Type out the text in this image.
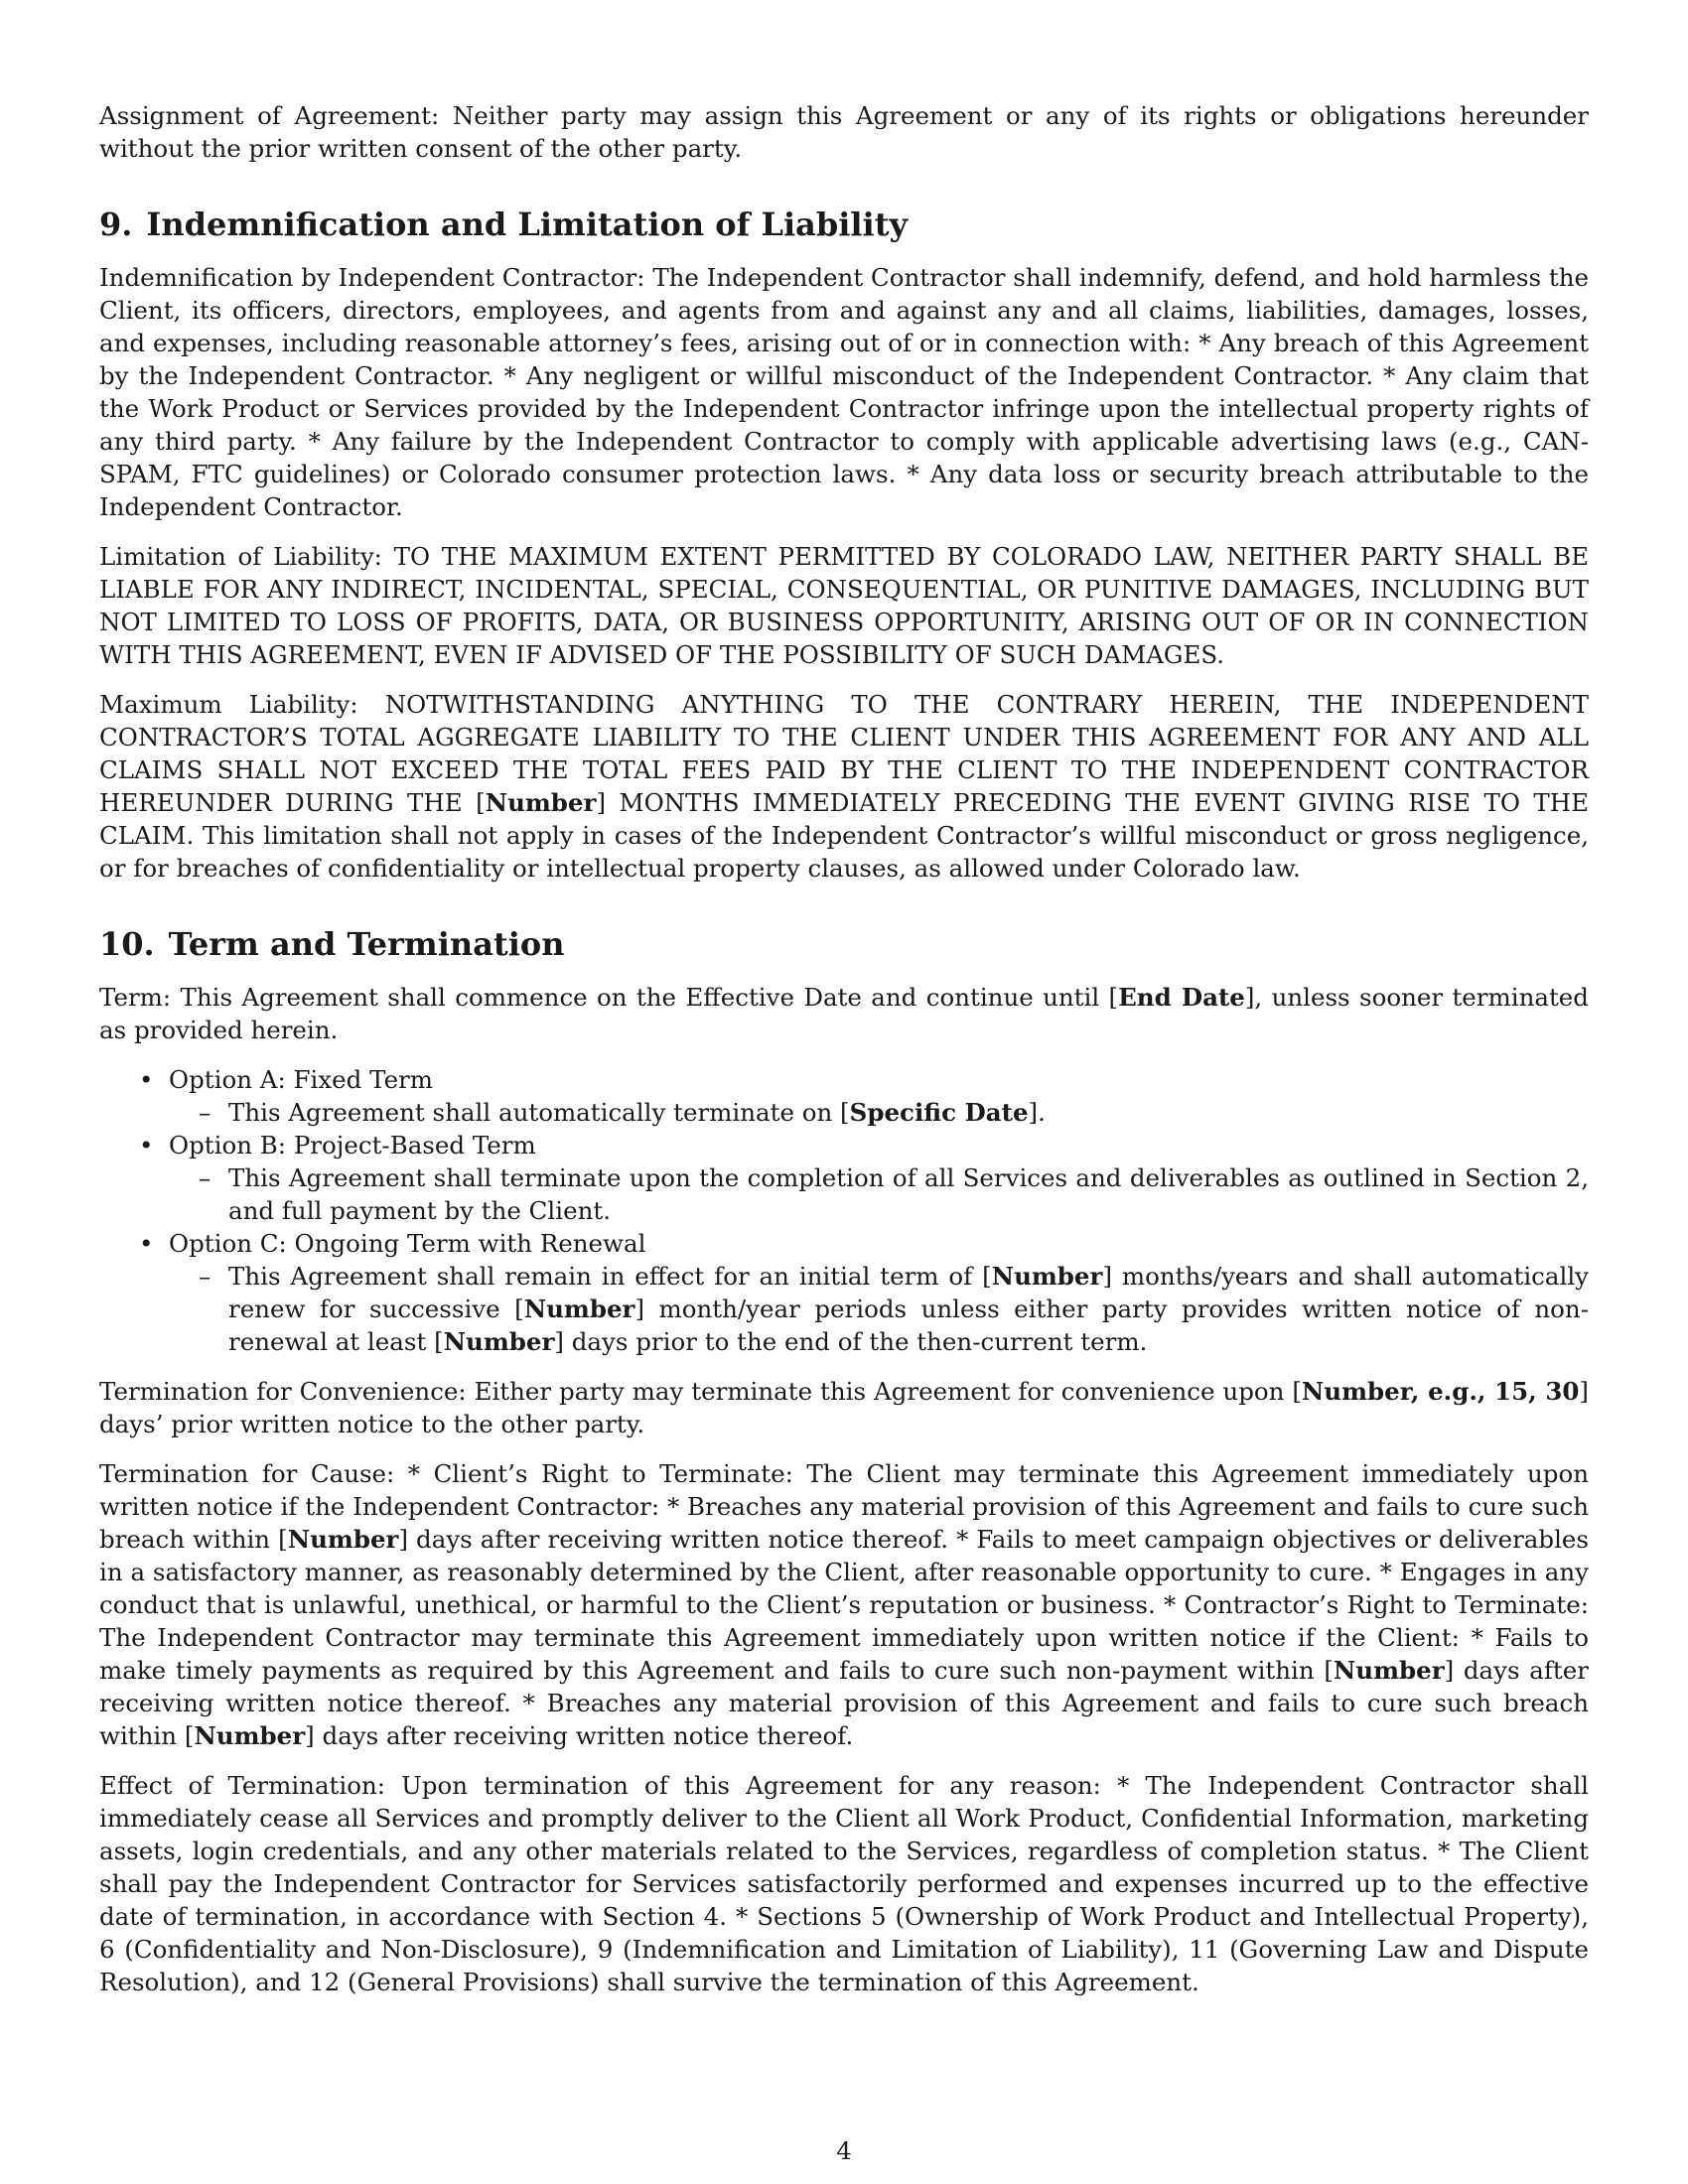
Assignment of Agreement: Neither party may assign this Agreement or any of its rights or obligations hereunder without the prior written consent of the other party.

9. Indemnification and Limitation of Liability

Indemnification by Independent Contractor: The Independent Contractor shall indemnify, defend, and hold harmless the Client, its officers, directors, employees, and agents from and against any and all claims, liabilities, damages, losses, and expenses, including reasonable attorney’s fees, arising out of or in connection with: * Any breach of this Agreement by the Independent Contractor. * Any negligent or willful misconduct of the Independent Contractor. * Any claim that the Work Product or Services provided by the Independent Contractor infringe upon the intellectual property rights of any third party. * Any failure by the Independent Contractor to comply with applicable advertising laws (e.g., CAN-SPAM, FTC guidelines) or Colorado consumer protection laws. * Any data loss or security breach attributable to the Independent Contractor.

Limitation of Liability: TO THE MAXIMUM EXTENT PERMITTED BY COLORADO LAW, NEITHER PARTY SHALL BE LIABLE FOR ANY INDIRECT, INCIDENTAL, SPECIAL, CONSEQUENTIAL, OR PUNITIVE DAMAGES, INCLUDING BUT NOT LIMITED TO LOSS OF PROFITS, DATA, OR BUSINESS OPPORTUNITY, ARISING OUT OF OR IN CONNECTION WITH THIS AGREEMENT, EVEN IF ADVISED OF THE POSSIBILITY OF SUCH DAMAGES.

Maximum Liability: NOTWITHSTANDING ANYTHING TO THE CONTRARY HEREIN, THE INDEPENDENT CONTRACTOR’S TOTAL AGGREGATE LIABILITY TO THE CLIENT UNDER THIS AGREEMENT FOR ANY AND ALL CLAIMS SHALL NOT EXCEED THE TOTAL FEES PAID BY THE CLIENT TO THE INDEPENDENT CONTRACTOR HEREUNDER DURING THE [Number] MONTHS IMMEDIATELY PRECEDING THE EVENT GIVING RISE TO THE CLAIM. This limitation shall not apply in cases of the Independent Contractor’s willful misconduct or gross negligence, or for breaches of confidentiality or intellectual property clauses, as allowed under Colorado law.

10. Term and Termination

Term: This Agreement shall commence on the Effective Date and continue until [End Date], unless sooner terminated as provided herein.

• Option A: Fixed Term
– This Agreement shall automatically terminate on [Specific Date].
• Option B: Project-Based Term
– This Agreement shall terminate upon the completion of all Services and deliverables as outlined in Section 2, and full payment by the Client.
• Option C: Ongoing Term with Renewal
– This Agreement shall remain in effect for an initial term of [Number] months/years and shall automatically renew for successive [Number] month/year periods unless either party provides written notice of non-renewal at least [Number] days prior to the end of the then-current term.

Termination for Convenience: Either party may terminate this Agreement for convenience upon [Number, e.g., 15, 30] days’ prior written notice to the other party.

Termination for Cause: * Client’s Right to Terminate: The Client may terminate this Agreement immediately upon written notice if the Independent Contractor: * Breaches any material provision of this Agreement and fails to cure such breach within [Number] days after receiving written notice thereof. * Fails to meet campaign objectives or deliverables in a satisfactory manner, as reasonably determined by the Client, after reasonable opportunity to cure. * Engages in any conduct that is unlawful, unethical, or harmful to the Client’s reputation or business. * Contractor’s Right to Terminate: The Independent Contractor may terminate this Agreement immediately upon written notice if the Client: * Fails to make timely payments as required by this Agreement and fails to cure such non-payment within [Number] days after receiving written notice thereof. * Breaches any material provision of this Agreement and fails to cure such breach within [Number] days after receiving written notice thereof.

Effect of Termination: Upon termination of this Agreement for any reason: * The Independent Contractor shall immediately cease all Services and promptly deliver to the Client all Work Product, Confidential Information, marketing assets, login credentials, and any other materials related to the Services, regardless of completion status. * The Client shall pay the Independent Contractor for Services satisfactorily performed and expenses incurred up to the effective date of termination, in accordance with Section 4. * Sections 5 (Ownership of Work Product and Intellectual Property), 6 (Confidentiality and Non-Disclosure), 9 (Indemnification and Limitation of Liability), 11 (Governing Law and Dispute Resolution), and 12 (General Provisions) shall survive the termination of this Agreement.

4
